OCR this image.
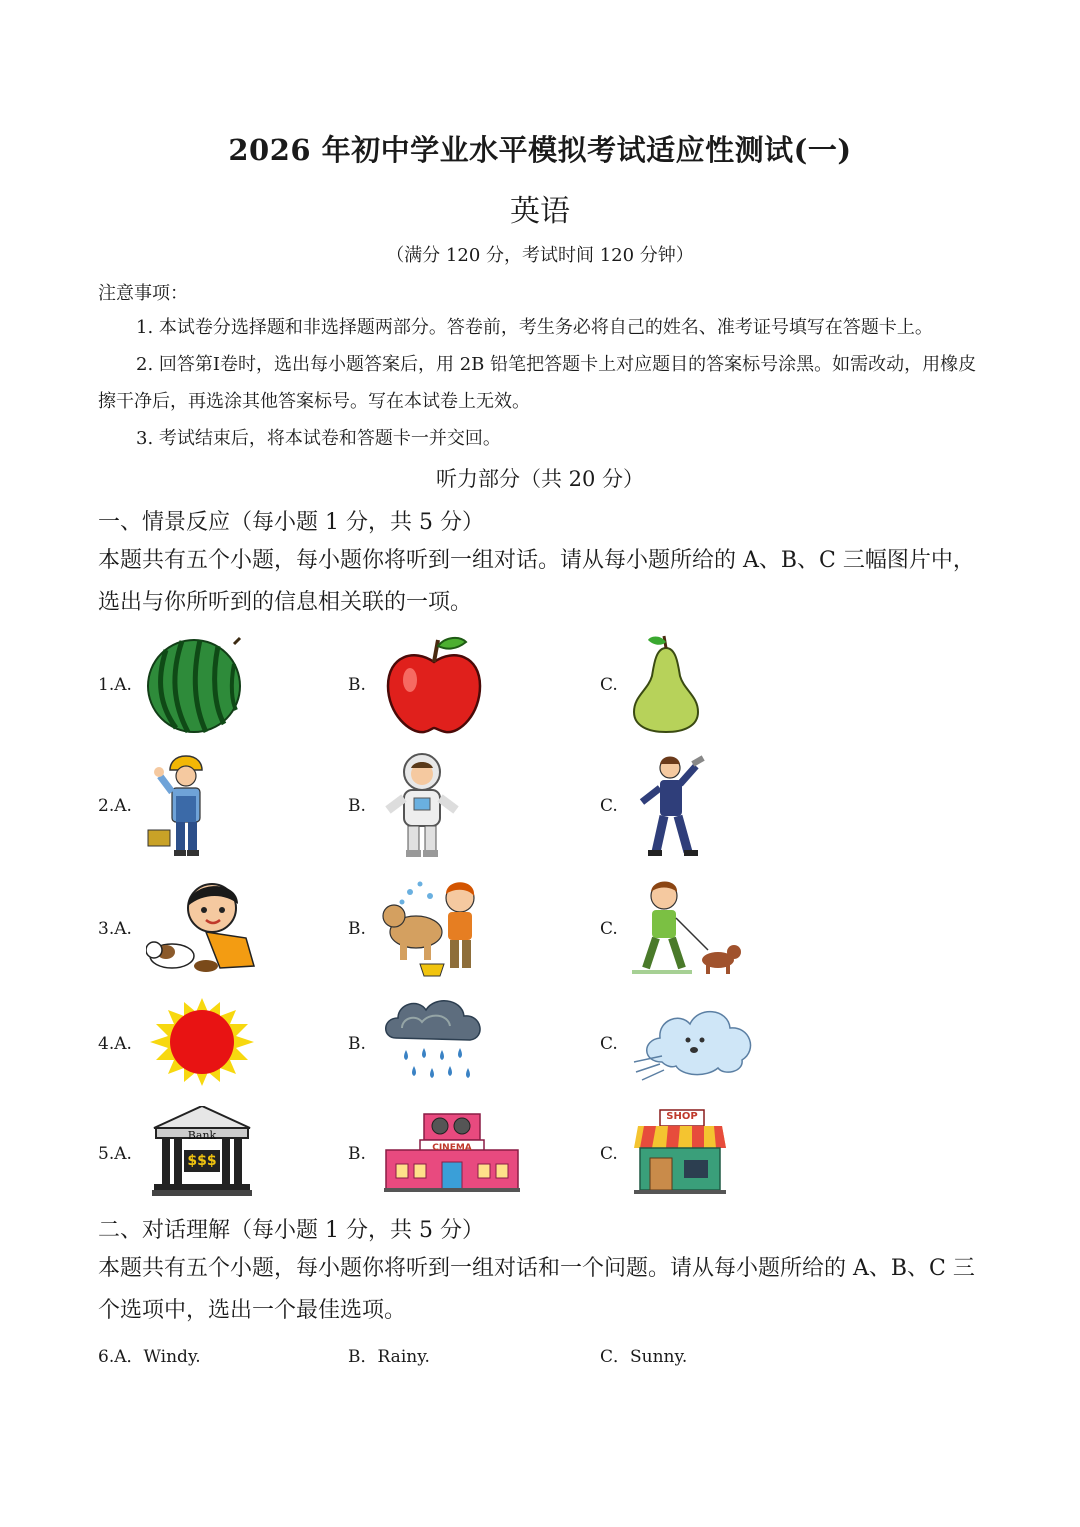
2026 年初中学业水平模拟考试适应性测试(一)
英语
（满分 120 分，考试时间 120 分钟）
注意事项：
1. 本试卷分选择题和非选择题两部分。答卷前，考生务必将自己的姓名、准考证号填写在答题卡上。
2. 回答第I卷时，选出每小题答案后，用 2B 铅笔把答题卡上对应题目的答案标号涂黑。如需改动，用橡皮擦干净后，再选涂其他答案标号。写在本试卷上无效。
3. 考试结束后，将本试卷和答题卡一并交回。
听力部分（共 20 分）
一、情景反应（每小题 1 分，共 5 分）
本题共有五个小题，每小题你将听到一组对话。请从每小题所给的 A、B、C 三幅图片中，选出与你所听到的信息相关联的一项。
1.A.	B.	C.
2.A.	B.	C.
3.A.	B.	C.
4.A.	B.	C.
5.A.	B.	C.
Bank
$$$
CINEMA
SHOP
二、对话理解（每小题 1 分，共 5 分）
本题共有五个小题，每小题你将听到一组对话和一个问题。请从每小题所给的 A、B、C 三个选项中，选出一个最佳选项。
6.A．Windy.	B．Rainy.	C．Sunny.
